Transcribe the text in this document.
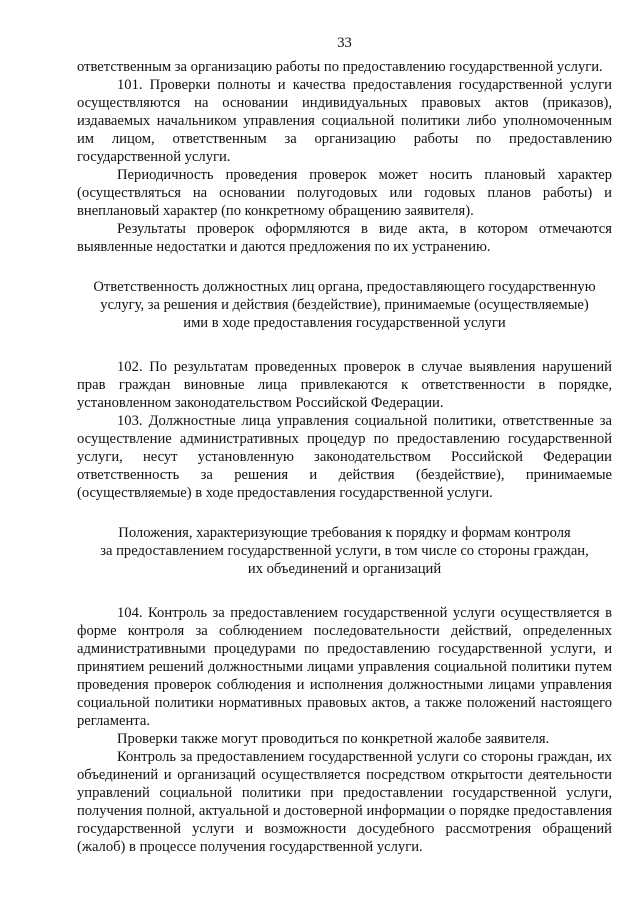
33

ответственным за организацию работы по предоставлению государственной услуги.

101. Проверки полноты и качества предоставления государственной услуги осуществляются на основании индивидуальных правовых актов (приказов), издаваемых начальником управления социальной политики либо уполномоченным им лицом, ответственным за организацию работы по предоставлению государственной услуги.

Периодичность проведения проверок может носить плановый характер (осуществляться на основании полугодовых или годовых планов работы) и внеплановый характер (по конкретному обращению заявителя).

Результаты проверок оформляются в виде акта, в котором отмечаются выявленные недостатки и даются предложения по их устранению.

Ответственность должностных лиц органа, предоставляющего государственную
услугу, за решения и действия (бездействие), принимаемые (осуществляемые)
ими в ходе предоставления государственной услуги

102. По результатам проведенных проверок в случае выявления нарушений прав граждан виновные лица привлекаются к ответственности в порядке, установленном законодательством Российской Федерации.

103. Должностные лица управления социальной политики, ответственные за осуществление административных процедур по предоставлению государственной услуги, несут установленную законодательством Российской Федерации ответственность за решения и действия (бездействие), принимаемые (осуществляемые) в ходе предоставления государственной услуги.

Положения, характеризующие требования к порядку и формам контроля
за предоставлением государственной услуги, в том числе со стороны граждан,
их объединений и организаций

104. Контроль за предоставлением государственной услуги осуществляется в форме контроля за соблюдением последовательности действий, определенных административными процедурами по предоставлению государственной услуги, и принятием решений должностными лицами управления социальной политики путем проведения проверок соблюдения и исполнения должностными лицами управления социальной политики нормативных правовых актов, а также положений настоящего регламента.

Проверки также могут проводиться по конкретной жалобе заявителя.

Контроль за предоставлением государственной услуги со стороны граждан, их объединений и организаций осуществляется посредством открытости деятельности управлений социальной политики при предоставлении государственной услуги, получения полной, актуальной и достоверной информации о порядке предоставления государственной услуги и возможности досудебного рассмотрения обращений (жалоб) в процессе получения государственной услуги.
